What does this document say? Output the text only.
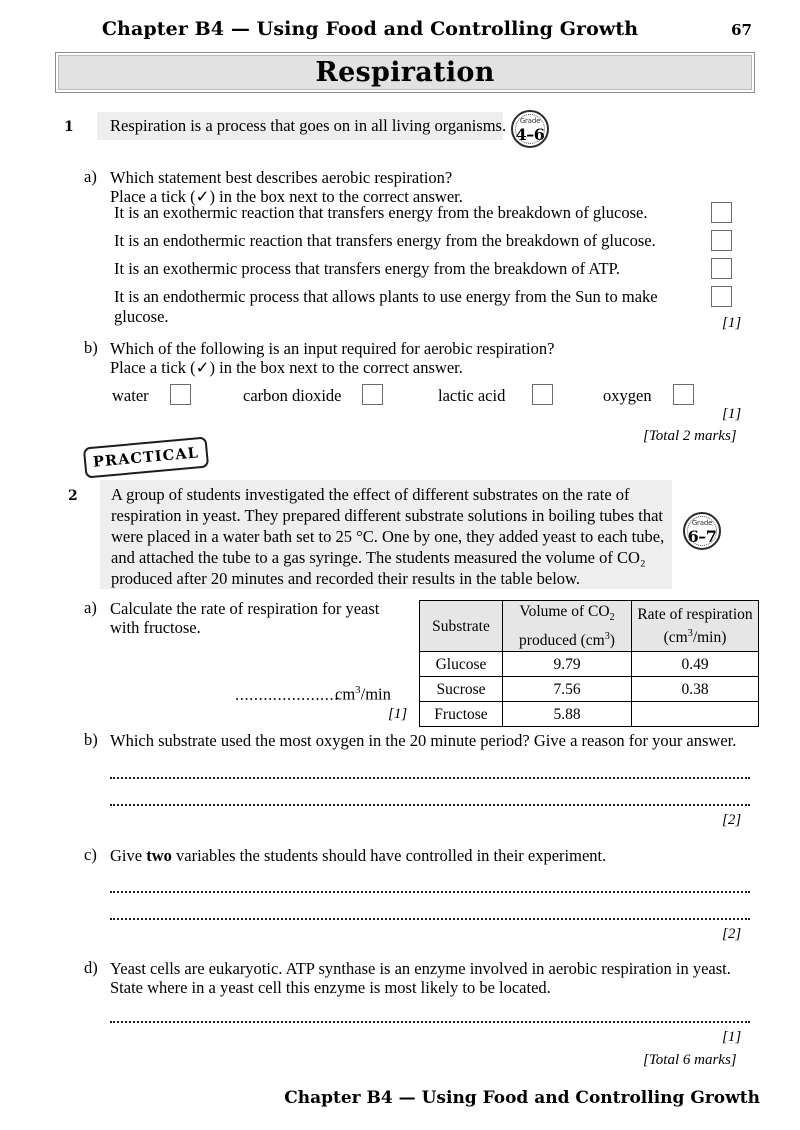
Chapter B4 — Using Food and Controlling Growth	67
Respiration
1 Respiration is a process that goes on in all living organisms.	Grade
4–6
a) Which statement best describes aerobic respiration?
Place a tick (✓) in the box next to the correct answer.
It is an exothermic reaction that transfers energy from the breakdown of glucose.
It is an endothermic reaction that transfers energy from the breakdown of glucose.
It is an exothermic process that transfers energy from the breakdown of ATP.
It is an endothermic process that allows plants to use energy from the Sun to make glucose.	[1]
b) Which of the following is an input required for aerobic respiration?
Place a tick (✓) in the box next to the correct answer.
water	carbon dioxide	lactic acid	oxygen
[1]
[Total 2 marks]
PRACTICAL
2 A group of students investigated the effect of different substrates on the rate of
respiration in yeast. They prepared different substrate solutions in boiling tubes that
were placed in a water bath set to 25 °C. One by one, they added yeast to each tube,
and attached the tube to a gas syringe. The students measured the volume of CO₂
produced after 20 minutes and recorded their results in the table below.
Grade
6–7
a) Calculate the rate of respiration for yeast
with fructose.
......................
$cm^3/\min$
[1]
Substrate	Volume of $CO_2$
produced $(cm^3)$	Rate of respiration
$(cm^3/\min)$
Glucose	9.79	0.49
Sucrose	7.56	0.38
Fructose	5.88	
b) Which substrate used the most oxygen in the 20 minute period? Give a reason for your answer.
[2]
c) Give two variables the students should have controlled in their experiment.
[2]
d) Yeast cells are eukaryotic. ATP synthase is an enzyme involved in aerobic respiration in yeast.
State where in a yeast cell this enzyme is most likely to be located.
[1]
[Total 6 marks]
Chapter B4 — Using Food and Controlling Growth
